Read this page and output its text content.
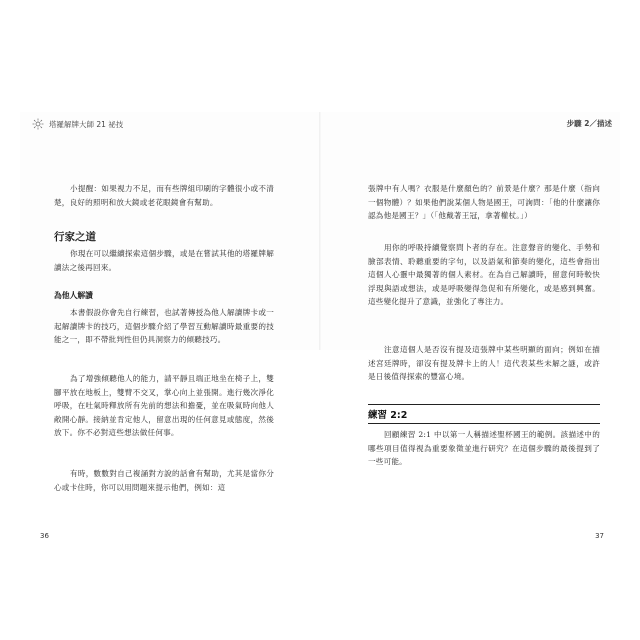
塔羅解牌大師 21 祕技

小提醒：如果視力不足，而有些牌組印刷的字體很小或不清楚，良好的照明和放大鏡或老花眼鏡會有幫助。

行家之道

你現在可以繼續探索這個步驟，或是在嘗試其他的塔羅牌解讀法之後再回來。

為他人解讀

本書假設你會先自行練習，也試著傳授為他人解讀牌卡或一起解讀牌卡的技巧，這個步驟介紹了學習互動解讀時最重要的技能之一，即不帶批判性但仍具洞察力的傾聽技巧。

為了增強傾聽他人的能力，請平靜且端正地坐在椅子上，雙腳平放在地板上，雙臂不交叉，掌心向上並張開。進行幾次淨化呼吸，在吐氣時釋放所有先前的想法和擔憂，並在吸氣時向他人敞開心靜。接納並肯定他人，留意出現的任何意見或態度，然後放下。你不必對這些想法做任何事。

有時，數數對自己複誦對方說的話會有幫助，尤其是當你分心或卡住時，你可以用問題來提示他們，例如：這

36
步驟 2／描述

張牌中有人嗎？衣服是什麼顏色的？前景是什麼？那是什麼（指向一個物體）？如果他們說某個人物是國王，可詢問：「他的什麼讓你認為他是國王？」（「他戴著王冠，拿著權杖。」）

用你的呼吸持續覺察問卜者的存在。注意聲音的變化、手勢和臉部表情、聆聽重要的字句，以及語氣和節奏的變化，這些會指出這個人心靈中最獨著的個人素材。在為自己解讀時，留意何時較快浮現與語或想法，或是呼吸變得急促和有所變化，或是感到興奮。這些變化提升了意識，並強化了專注力。

注意這個人是否沒有提及這張牌中某些明顯的面向；例如在描述宮廷牌時，卻沒有提及牌卡上的人！這代表某些未解之謎，或許是日後值得探索的豐富心境。

練習 2:2

回顧練習 2:1 中以第一人稱描述聖杯國王的範例。該描述中的哪些項目值得視為重要象徵並進行研究？在這個步驟的最後提到了一些可能。

37
